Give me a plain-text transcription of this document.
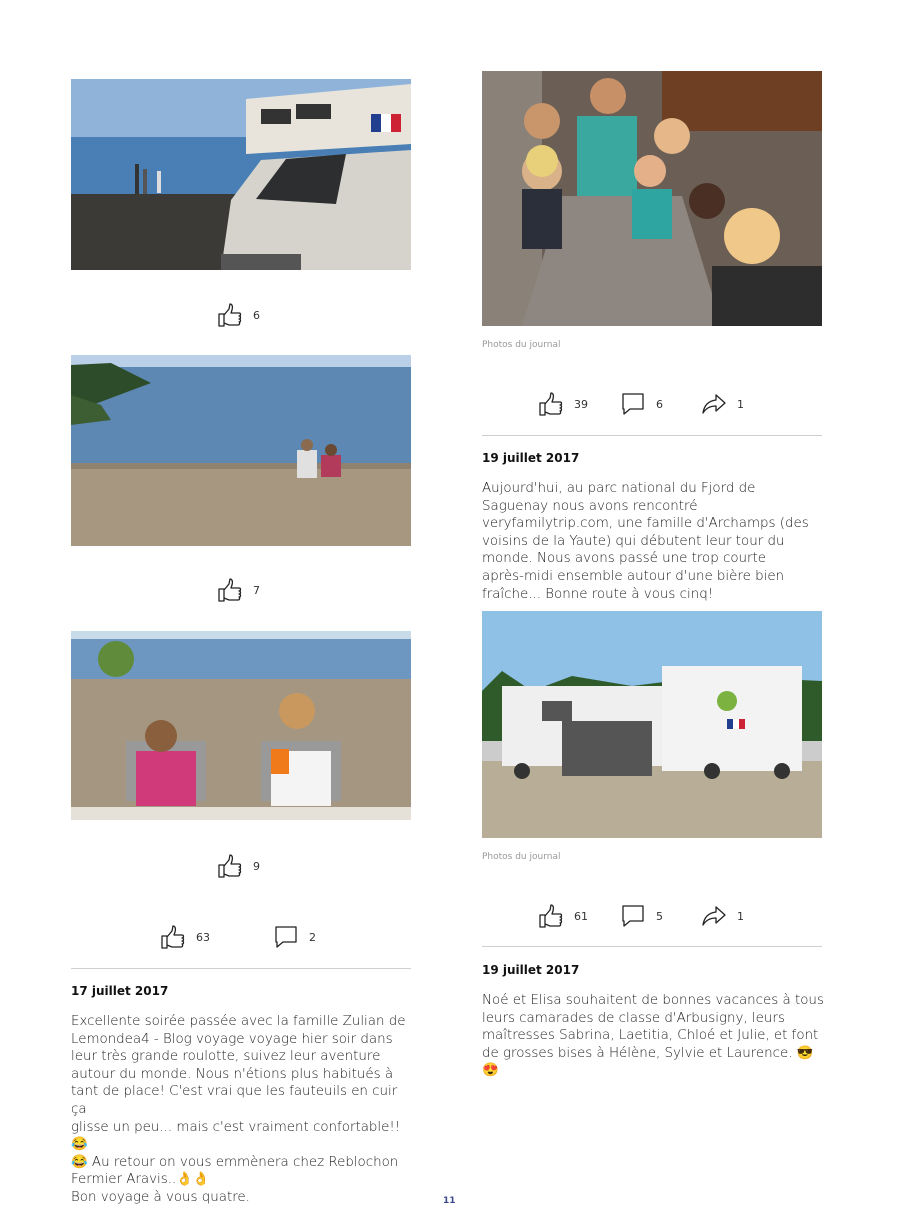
6
7
9
63	2
17 juillet 2017
Excellente soirée passée avec la famille Zulian de
Lemondea4 - Blog voyage voyage hier soir dans
leur très grande roulotte, suivez leur aventure
autour du monde. Nous n'étions plus habitués à
tant de place! C'est vrai que les fauteuils en cuir ça
glisse un peu... mais c'est vraiment confortable!! 😂
😂 Au retour on vous emmènera chez Reblochon
Fermier Aravis..👌👌
Bon voyage à vous quatre.
Photos du journal
39	6	1
19 juillet 2017
Aujourd'hui, au parc national du Fjord de
Saguenay nous avons rencontré
veryfamilytrip.com, une famille d'Archamps (des
voisins de la Yaute) qui débutent leur tour du
monde. Nous avons passé une trop courte
après-midi ensemble autour d'une bière bien
fraîche... Bonne route à vous cinq!
Photos du journal
61	5	1
19 juillet 2017
Noé et Elisa souhaitent de bonnes vacances à tous
leurs camarades de classe d'Arbusigny, leurs
maîtresses Sabrina, Laetitia, Chloé et Julie, et font
de grosses bises à Hélène, Sylvie et Laurence. 😎😍
11
